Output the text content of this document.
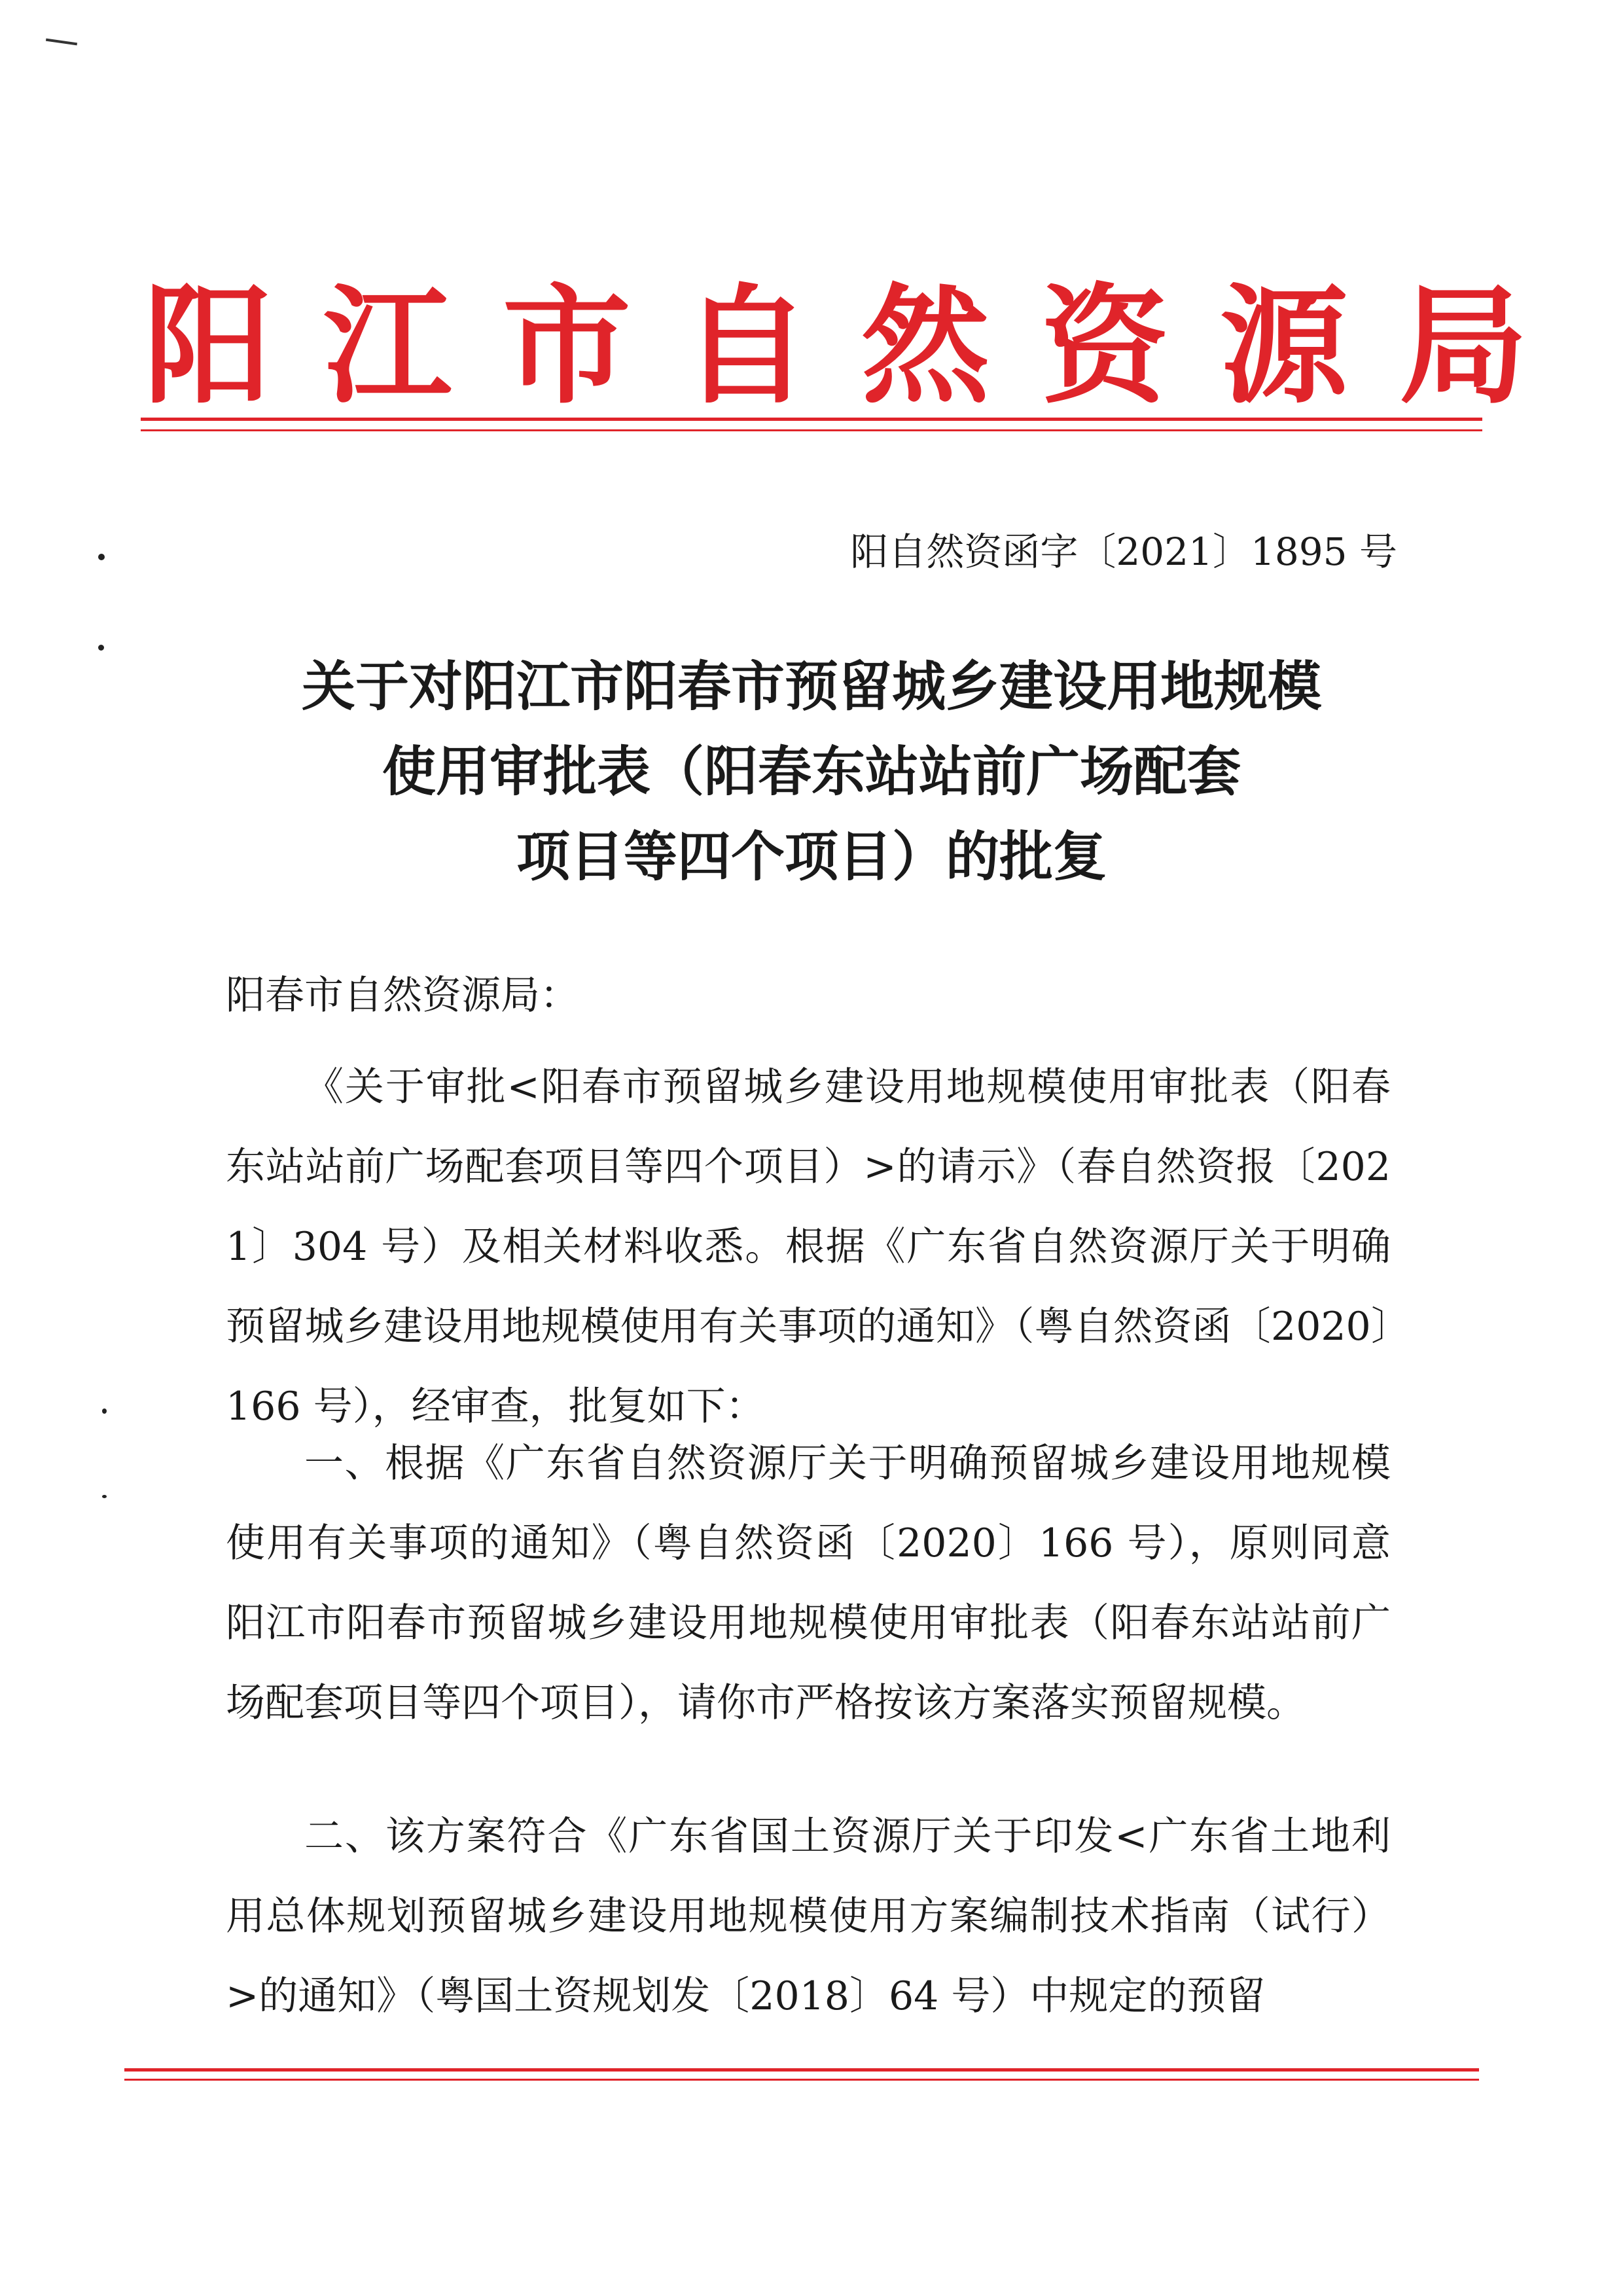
阳江市自然资源局
阳自然资函字〔2021〕1895 号
关于对阳江市阳春市预留城乡建设用地规模
使用审批表（阳春东站站前广场配套
项目等四个项目）的批复
阳春市自然资源局：
《关于审批<阳春市预留城乡建设用地规模使用审批表（阳春东站站前广场配套项目等四个项目）>的请示》（春自然资报〔2021〕304 号）及相关材料收悉。根据《广东省自然资源厅关于明确预留城乡建设用地规模使用有关事项的通知》（粤自然资函〔2020〕166 号），经审查，批复如下：
一、根据《广东省自然资源厅关于明确预留城乡建设用地规模使用有关事项的通知》（粤自然资函〔2020〕166 号），原则同意阳江市阳春市预留城乡建设用地规模使用审批表（阳春东站站前广场配套项目等四个项目），请你市严格按该方案落实预留规模。
二、该方案符合《广东省国土资源厅关于印发<广东省土地利用总体规划预留城乡建设用地规模使用方案编制技术指南（试行）>的通知》（粤国土资规划发〔2018〕64 号）中规定的预留
